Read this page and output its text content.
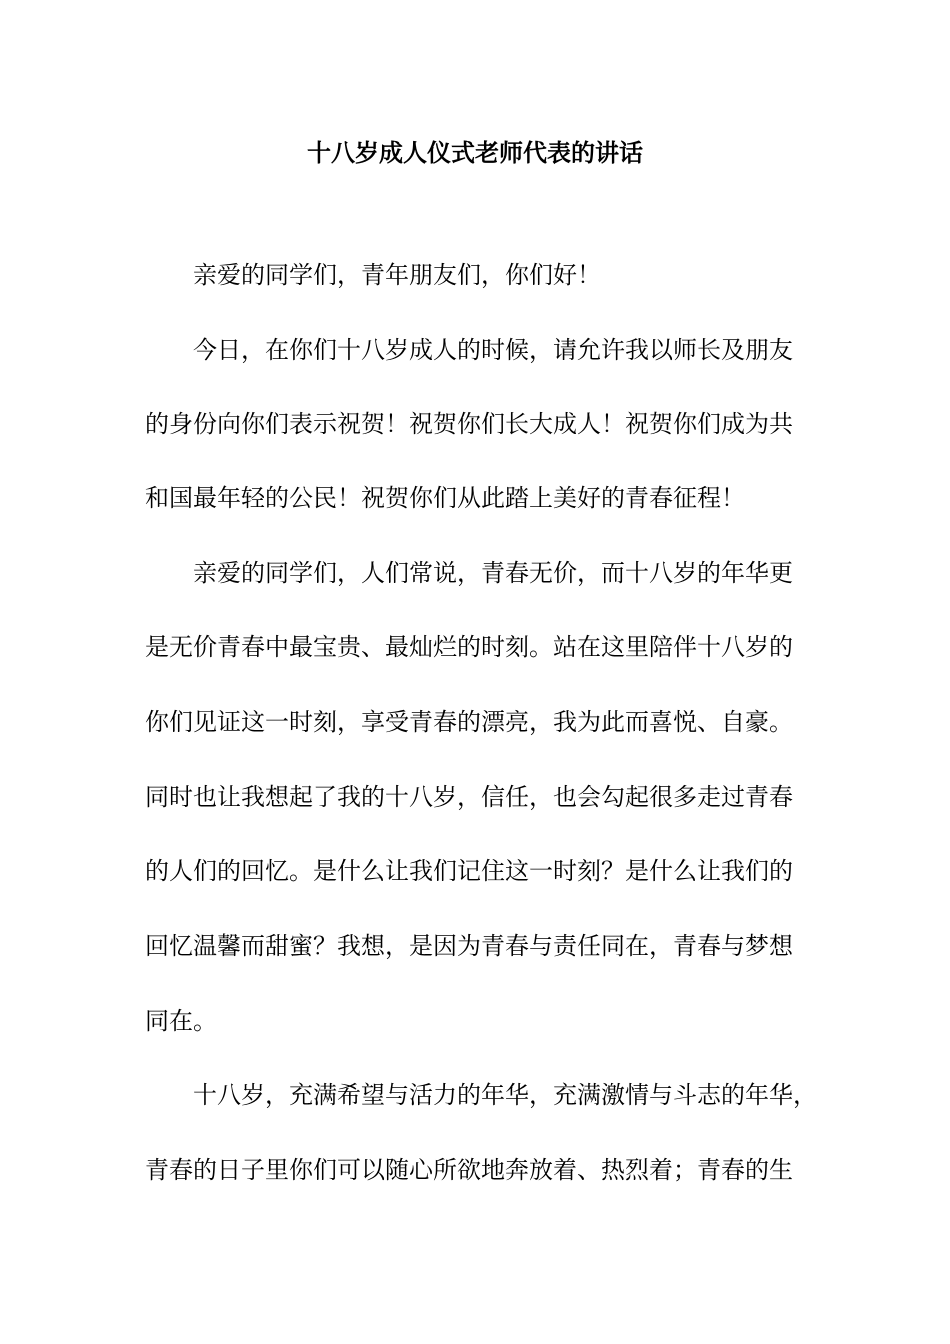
十八岁成人仪式老师代表的讲话
亲爱的同学们，青年朋友们，你们好！
今日，在你们十八岁成人的时候，请允许我以师长及朋友
的身份向你们表示祝贺！祝贺你们长大成人！祝贺你们成为共
和国最年轻的公民！祝贺你们从此踏上美好的青春征程！
亲爱的同学们，人们常说，青春无价，而十八岁的年华更
是无价青春中最宝贵、最灿烂的时刻。站在这里陪伴十八岁的
你们见证这一时刻，享受青春的漂亮，我为此而喜悦、自豪。
同时也让我想起了我的十八岁，信任，也会勾起很多走过青春
的人们的回忆。是什么让我们记住这一时刻？是什么让我们的
回忆温馨而甜蜜？我想，是因为青春与责任同在，青春与梦想
同在。
十八岁，充满希望与活力的年华，充满激情与斗志的年华，
青春的日子里你们可以随心所欲地奔放着、热烈着；青春的生
